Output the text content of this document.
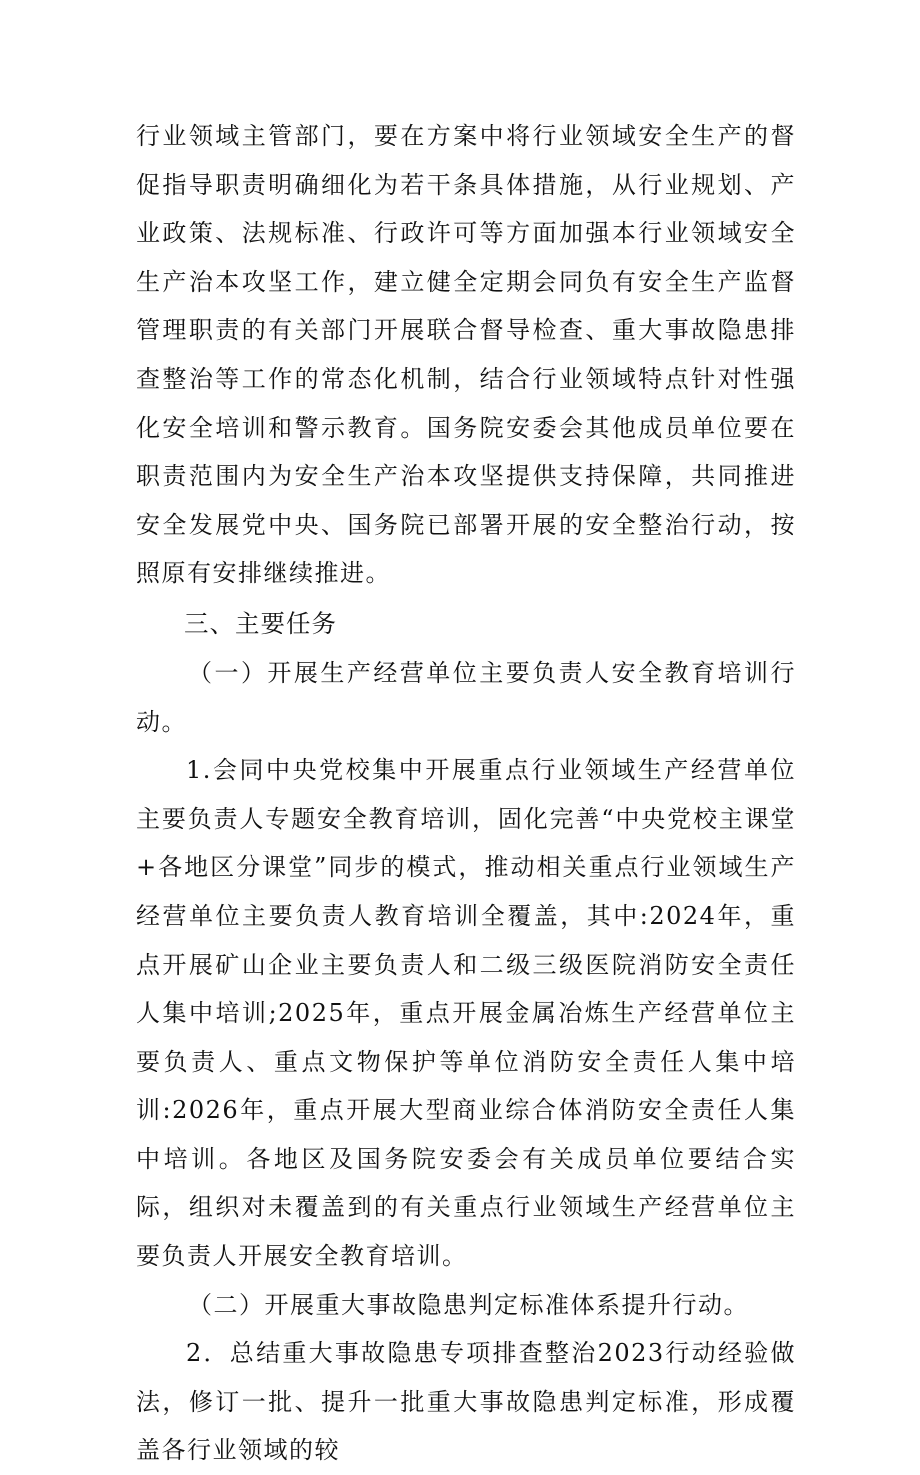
行业领域主管部门，要在方案中将行业领域安全生产的督促指导职责明确细化为若干条具体措施，从行业规划、产业政策、法规标准、行政许可等方面加强本行业领域安全生产治本攻坚工作，建立健全定期会同负有安全生产监督管理职责的有关部门开展联合督导检查、重大事故隐患排查整治等工作的常态化机制，结合行业领域特点针对性强化安全培训和警示教育。国务院安委会其他成员单位要在职责范围内为安全生产治本攻坚提供支持保障，共同推进安全发展党中央、国务院已部署开展的安全整治行动，按照原有安排继续推进。

三、主要任务

（一）开展生产经营单位主要负责人安全教育培训行动。

1.会同中央党校集中开展重点行业领域生产经营单位主要负责人专题安全教育培训，固化完善“中央党校主课堂+各地区分课堂”同步的模式，推动相关重点行业领域生产经营单位主要负责人教育培训全覆盖，其中:2024年，重点开展矿山企业主要负责人和二级三级医院消防安全责任人集中培训;2025年，重点开展金属冶炼生产经营单位主要负责人、重点文物保护等单位消防安全责任人集中培训:2026年，重点开展大型商业综合体消防安全责任人集中培训。各地区及国务院安委会有关成员单位要结合实际，组织对未覆盖到的有关重点行业领域生产经营单位主要负责人开展安全教育培训。

（二）开展重大事故隐患判定标准体系提升行动。

2．总结重大事故隐患专项排查整治2023行动经验做法，修订一批、提升一批重大事故隐患判定标准，形成覆盖各行业领域的较
